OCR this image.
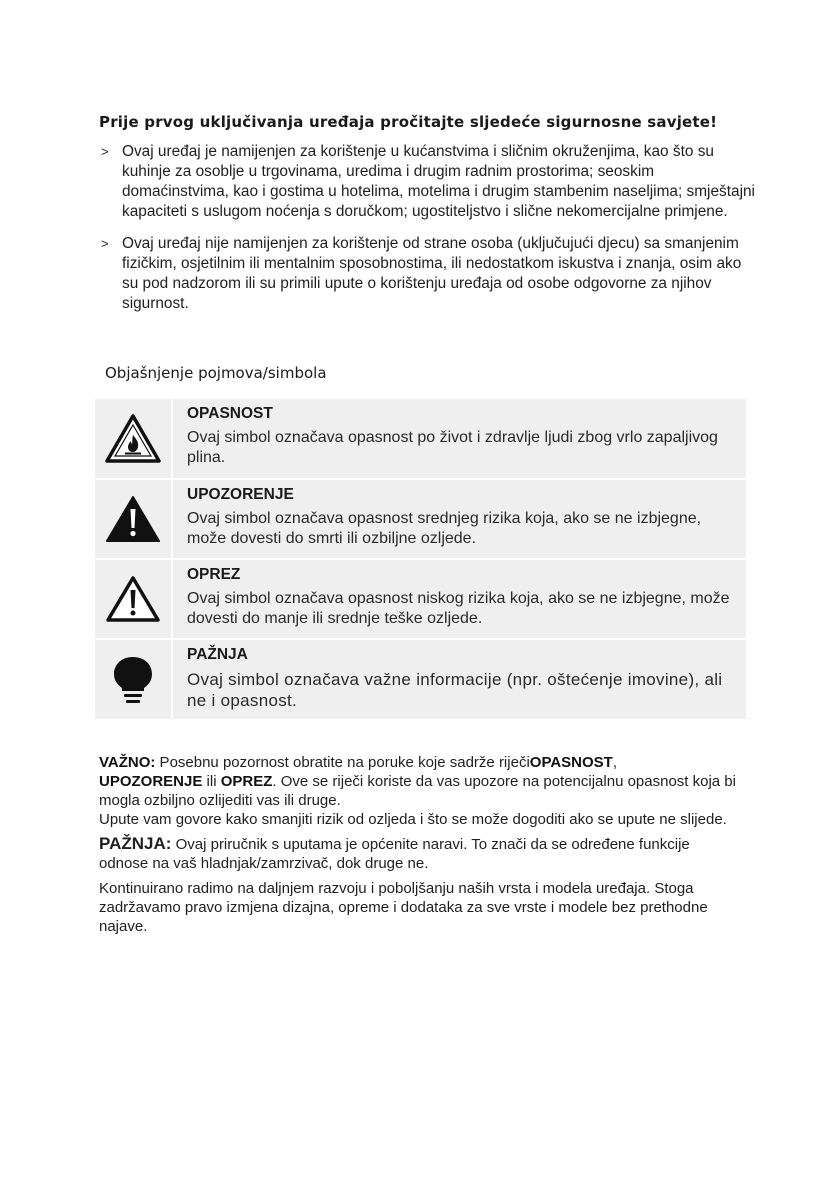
Prije prvog uključivanja uređaja pročitajte sljedeće sigurnosne savjete!
> Ovaj uređaj je namijenjen za korištenje u kućanstvima i sličnim okruženjima, kao što su kuhinje za osoblje u trgovinama, uredima i drugim radnim prostorima; seoskim domaćinstvima, kao i gostima u hotelima, motelima i drugim stambenim naseljima; smještajni kapaciteti s uslugom noćenja s doručkom; ugostiteljstvo i slične nekomercijalne primjene.
> Ovaj uređaj nije namijenjen za korištenje od strane osoba (uključujući djecu) sa smanjenim fizičkim, osjetilnim ili mentalnim sposobnostima, ili nedostatkom iskustva i znanja, osim ako su pod nadzorom ili su primili upute o korištenju uređaja od osobe odgovorne za njihov sigurnost.
Objašnjenje pojmova/simbola

OPASNOST
Ovaj simbol označava opasnost po život i zdravlje ljudi zbog vrlo zapaljivog plina.

UPOZORENJE
Ovaj simbol označava opasnost srednjeg rizika koja, ako se ne izbjegne, može dovesti do smrti ili ozbiljne ozljede.

OPREZ
Ovaj simbol označava opasnost niskog rizika koja, ako se ne izbjegne, može dovesti do manje ili srednje teške ozljede.

PAŽNJA
Ovaj simbol označava važne informacije (npr. oštećenje imovine), ali ne i opasnost.

VAŽNO: Posebnu pozornost obratite na poruke koje sadrže riječiOPASNOST,
UPOZORENJE ili OPREZ. Ove se riječi koriste da vas upozore na potencijalnu opasnost koja bi mogla ozbiljno ozlijediti vas ili druge.

Upute vam govore kako smanjiti rizik od ozljeda i što se može dogoditi ako se upute ne slijede.

PAŽNJA: Ovaj priručnik s uputama je općenite naravi. To znači da se određene funkcije odnose na vaš hladnjak/zamrzivač, dok druge ne.

Kontinuirano radimo na daljnjem razvoju i poboljšanju naših vrsta i modela uređaja. Stoga zadržavamo pravo izmjena dizajna, opreme i dodataka za sve vrste i modele bez prethodne najave.
